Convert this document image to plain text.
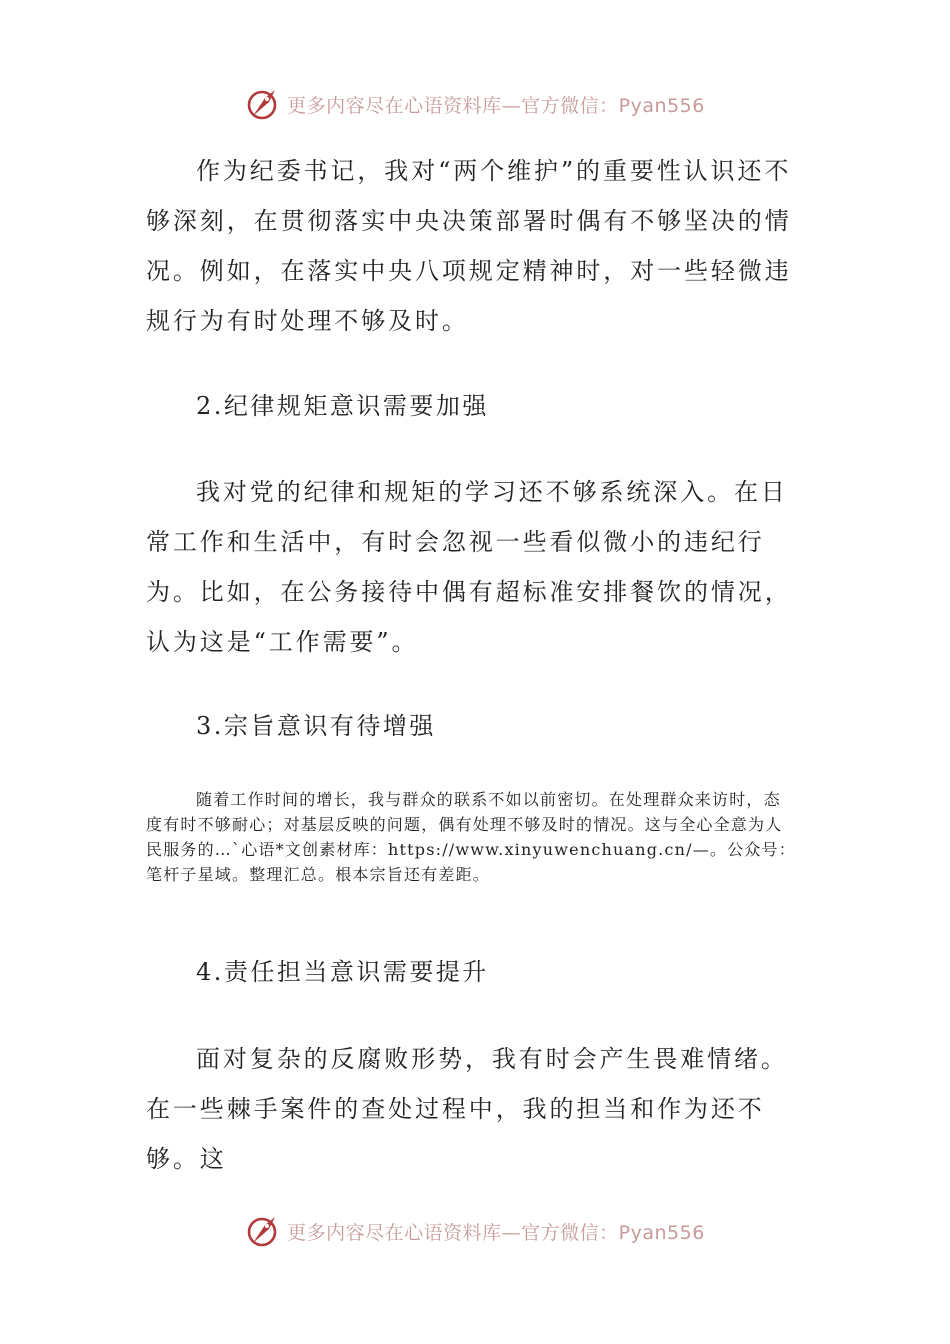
更多内容尽在心语资料库—官方微信：Pyan556

作为纪委书记，我对“两个维护”的重要性认识还不够深刻，在贯彻落实中央决策部署时偶有不够坚决的情况。例如，在落实中央八项规定精神时，对一些轻微违规行为有时处理不够及时。

2.纪律规矩意识需要加强

我对党的纪律和规矩的学习还不够系统深入。在日常工作和生活中，有时会忽视一些看似微小的违纪行为。比如，在公务接待中偶有超标准安排餐饮的情况，认为这是“工作需要”。

3.宗旨意识有待增强

随着工作时间的增长，我与群众的联系不如以前密切。在处理群众来访时，态度有时不够耐心；对基层反映的问题，偶有处理不够及时的情况。这与全心全意为人民服务的…`心语*文创素材库：https://www.xinyuwenchuang.cn/—。公众号：笔杆子星域。整理汇总。根本宗旨还有差距。

4.责任担当意识需要提升

面对复杂的反腐败形势，我有时会产生畏难情绪。在一些棘手案件的查处过程中，我的担当和作为还不够。这

更多内容尽在心语资料库—官方微信：Pyan556
